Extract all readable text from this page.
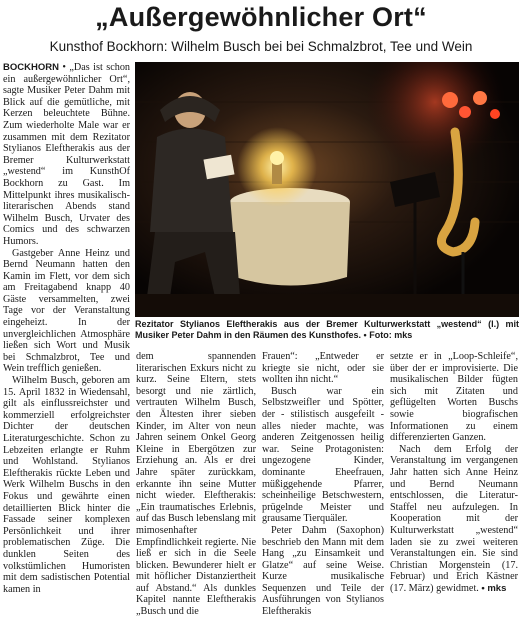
„Außergewöhnlicher Ort“
Kunsthof Bockhorn: Wilhelm Busch bei bei Schmalzbrot, Tee und Wein

BOCKHORN • „Das ist schon ein außergewöhnlicher Ort“, sagte Musiker Peter Dahm mit Blick auf die gemütliche, mit Kerzen beleuchtete Bühne. Zum wiederholte Male war er zusammen mit dem Rezitator Stylianos Eleftherakis aus der Bremer Kulturwerkstatt „westend“ im KunsthOf Bockhorn zu Gast. Im Mittelpunkt ihres musikalisch-literarischen Abends stand Wilhelm Busch, Urvater des Comics und des schwarzen Humors.

Gastgeber Anne Heinz und Bernd Neumann hatten den Kamin im Flett, vor dem sich am Freitagabend knapp 40 Gäste versammelten, zwei Tage vor der Veranstaltung eingeheizt. In der unvergleichlichen Atmosphäre ließen sich Wort und Musik bei Schmalzbrot, Tee und Wein trefflich genießen.

Wilhelm Busch, geboren am 15. April 1832 in Wiedensahl, gilt als einflussreichster und kommerziell erfolgreichster Dichter der deutschen Literaturgeschichte. Schon zu Lebzeiten erlangte er Ruhm und Wohlstand. Stylianos Eleftherakis rückte Leben und Werk Wilhelm Buschs in den Fokus und gewährte einen detaillierten Blick hinter die Fassade seiner komplexen Persönlichkeit und ihrer problematischen Züge. Die dunklen Seiten des volkstümlichen Humoristen mit dem sadistischen Potential kamen in

Rezitator Stylianos Eleftherakis aus der Bremer Kulturwerkstatt „westend“ (l.) mit Musiker Peter Dahm in den Räumen des Kunsthofes. • Foto: mks

dem spannenden literarischen Exkurs nicht zu kurz. Seine Eltern, stets besorgt und nie zärtlich, vertrauten Wilhelm Busch, den Ältesten ihrer sieben Kinder, im Alter von neun Jahren seinem Onkel Georg Kleine in Ebergötzen zur Erziehung an. Als er drei Jahre später zurückkam, erkannte ihn seine Mutter nicht wieder. Eleftherakis: „Ein traumatisches Erlebnis, auf das Busch lebenslang mit mimosenhafter Empfindlichkeit regierte. Nie ließ er sich in die Seele blicken. Bewunderer hielt er mit höflicher Distanziertheit auf Abstand.“ Als dunkles Kapitel nannte Eleftherakis „Busch und die

Frauen“: „Entweder er kriegte sie nicht, oder sie wollten ihn nicht.“

Busch war ein Selbstzweifler und Spötter, der - stilistisch ausgefeilt - alles nieder machte, was anderen Zeitgenossen heilig war. Seine Protagonisten: ungezogene Kinder, dominante Eheefrauen, müßiggehende Pfarrer, scheinheilige Betschwestern, prügelnde Meister und grausame Tierquäler.

Peter Dahm (Saxophon) beschrieb den Mann mit dem Hang „zu Einsamkeit und Glatze“ auf seine Weise. Kurze musikalische Sequenzen und Teile der Ausführungen von Stylianos Eleftherakis

setzte er in „Loop-Schleife“, über der er improvisierte. Die musikalischen Bilder fügten sich mit Zitaten und geflügelten Worten Buschs sowie biografischen Informationen zu einem differenzierten Ganzen.

Nach dem Erfolg der Veranstaltung im vergangenen Jahr hatten sich Anne Heinz und Bernd Neumann entschlossen, die Literatur-Staffel neu aufzulegen. In Kooperation mit der Kulturwerkstatt „westend“ laden sie zu zwei weiteren Veranstaltungen ein. Sie sind Christian Morgenstein (17. Februar) und Erich Kästner (17. März) gewidmet. • mks
